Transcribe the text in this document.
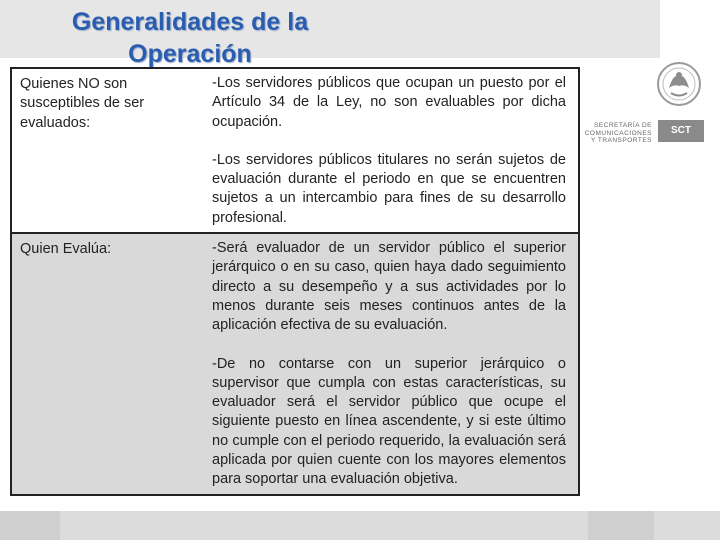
Generalidades de la Operación
SECRETARÍA DE COMUNICACIONES Y TRANSPORTES
SCT
Quienes NO son susceptibles de ser evaluados:	-Los servidores públicos que ocupan un puesto por el Artículo 34 de la Ley, no son evaluables por dicha ocupación.

-Los servidores públicos titulares no serán sujetos de evaluación durante el periodo en que se encuentren sujetos a un intercambio para fines de su desarrollo profesional.

Quien Evalúa:	-Será evaluador de un servidor público el superior jerárquico o en su caso, quien haya dado seguimiento directo a su desempeño y a sus actividades por lo menos durante seis meses continuos antes de la aplicación efectiva de su evaluación.

-De no contarse con un superior jerárquico o supervisor que cumpla con estas características, su evaluador será el servidor público que ocupe el siguiente puesto en línea ascendente, y si este último no cumple con el periodo requerido, la evaluación será aplicada por quien cuente con los mayores elementos para soportar una evaluación objetiva.
